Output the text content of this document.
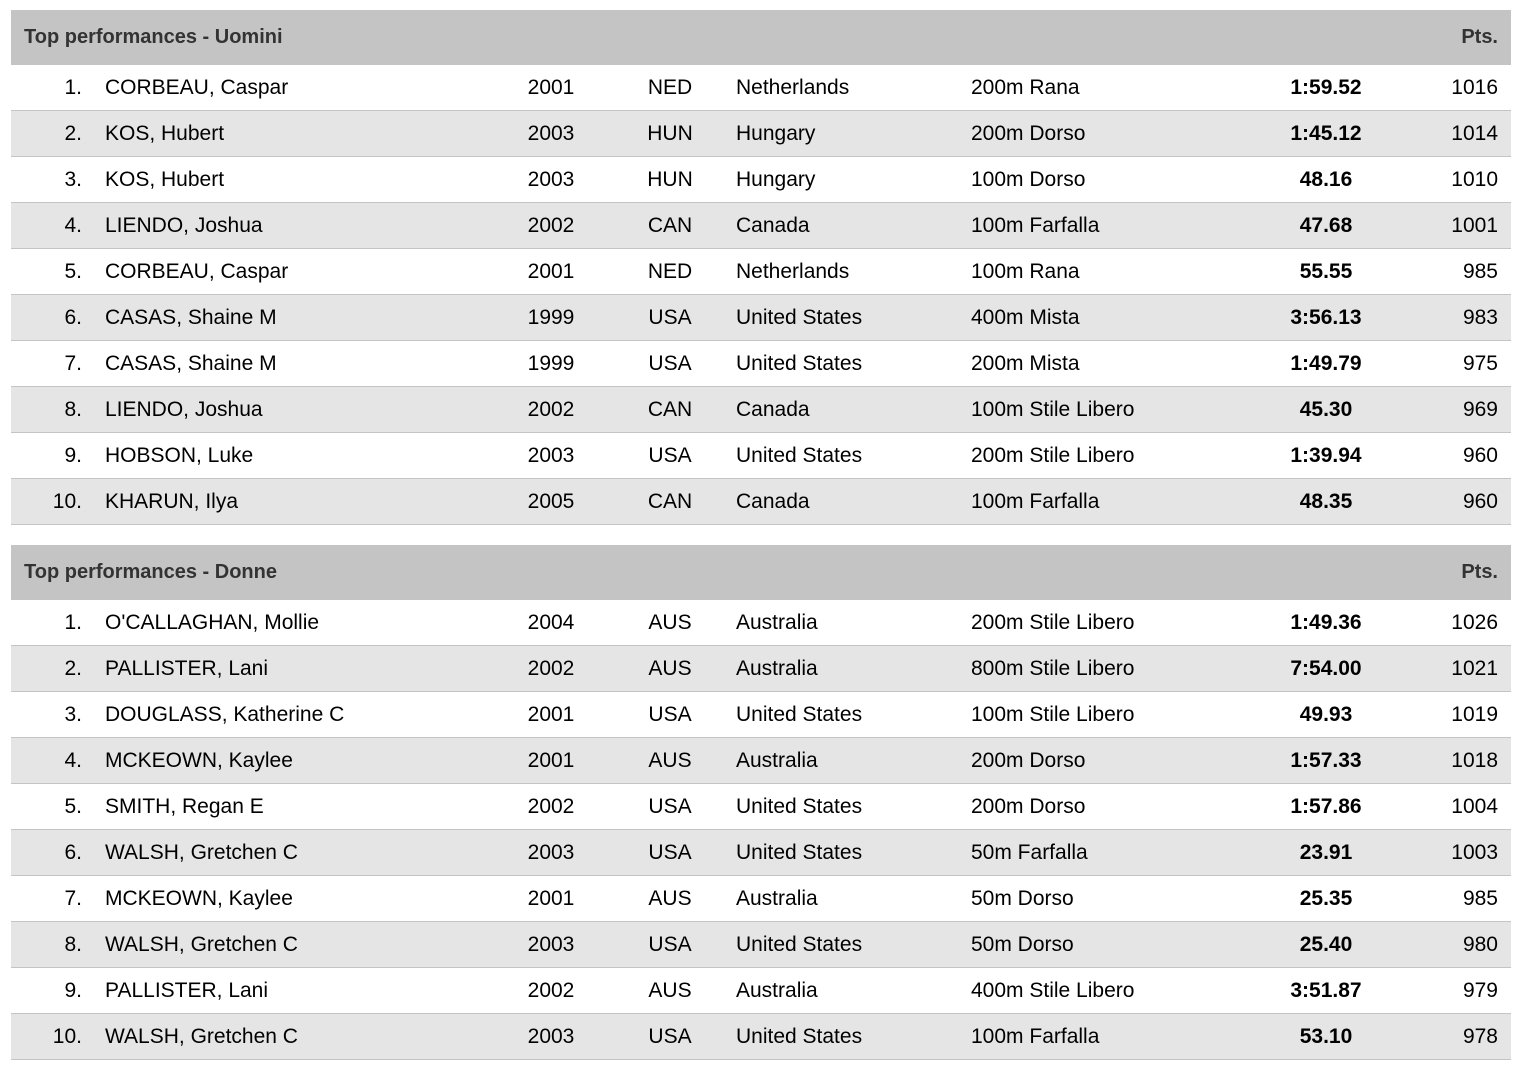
Top performances - Uomini	Pts.
1. CORBEAU, Caspar	2001	NED	Netherlands	200m Rana	1:59.52	1016
2. KOS, Hubert	2003	HUN	Hungary	200m Dorso	1:45.12	1014
3. KOS, Hubert	2003	HUN	Hungary	100m Dorso	48.16	1010
4. LIENDO, Joshua	2002	CAN	Canada	100m Farfalla	47.68	1001
5. CORBEAU, Caspar	2001	NED	Netherlands	100m Rana	55.55	985
6. CASAS, Shaine M	1999	USA	United States	400m Mista	3:56.13	983
7. CASAS, Shaine M	1999	USA	United States	200m Mista	1:49.79	975
8. LIENDO, Joshua	2002	CAN	Canada	100m Stile Libero	45.30	969
9. HOBSON, Luke	2003	USA	United States	200m Stile Libero	1:39.94	960
10. KHARUN, Ilya	2005	CAN	Canada	100m Farfalla	48.35	960
Top performances - Donne	Pts.
1. O'CALLAGHAN, Mollie	2004	AUS	Australia	200m Stile Libero	1:49.36	1026
2. PALLISTER, Lani	2002	AUS	Australia	800m Stile Libero	7:54.00	1021
3. DOUGLASS, Katherine C	2001	USA	United States	100m Stile Libero	49.93	1019
4. MCKEOWN, Kaylee	2001	AUS	Australia	200m Dorso	1:57.33	1018
5. SMITH, Regan E	2002	USA	United States	200m Dorso	1:57.86	1004
6. WALSH, Gretchen C	2003	USA	United States	50m Farfalla	23.91	1003
7. MCKEOWN, Kaylee	2001	AUS	Australia	50m Dorso	25.35	985
8. WALSH, Gretchen C	2003	USA	United States	50m Dorso	25.40	980
9. PALLISTER, Lani	2002	AUS	Australia	400m Stile Libero	3:51.87	979
10. WALSH, Gretchen C	2003	USA	United States	100m Farfalla	53.10	978
